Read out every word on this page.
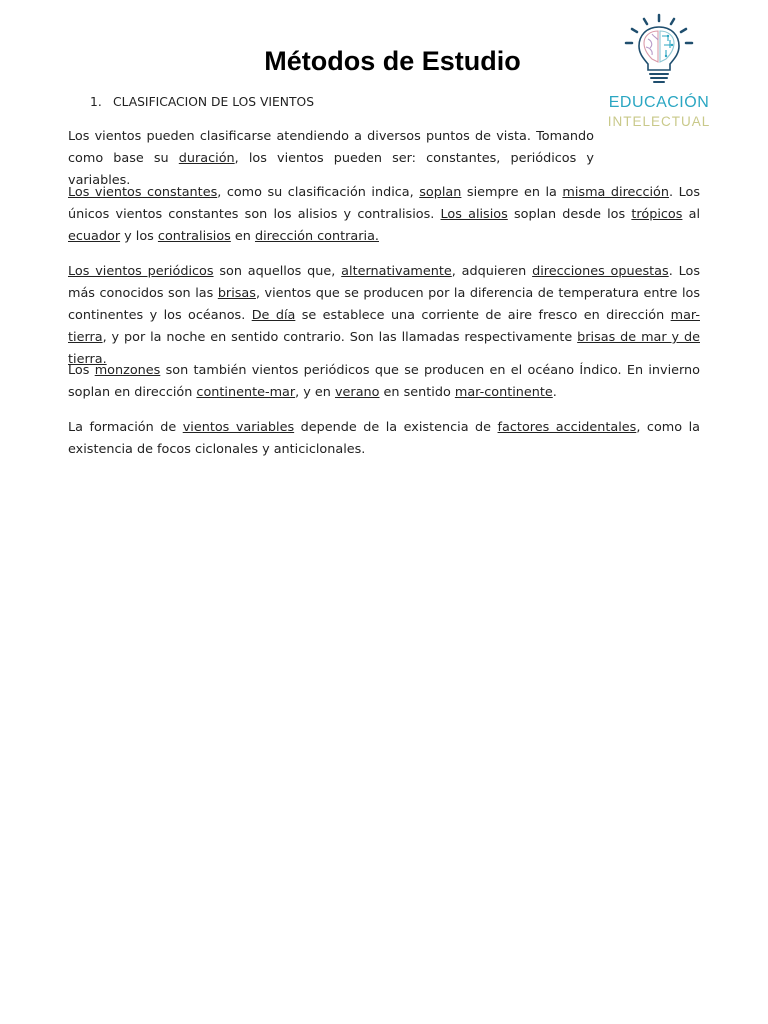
Métodos de Estudio
EDUCACIÓN
INTELECTUAL
1. CLASIFICACION DE LOS VIENTOS
Los vientos pueden clasificarse atendiendo a diversos puntos de vista. Tomando como base su duración, los vientos pueden ser: constantes, periódicos y variables.
Los vientos constantes, como su clasificación indica, soplan siempre en la misma dirección. Los únicos vientos constantes son los alisios y contralisios. Los alisios soplan desde los trópicos al ecuador y los contralisios en dirección contraria.
Los vientos periódicos son aquellos que, alternativamente, adquieren direcciones opuestas. Los más conocidos son las brisas, vientos que se producen por la diferencia de temperatura entre los continentes y los océanos. De día se establece una corriente de aire fresco en dirección mar-tierra, y por la noche en sentido contrario. Son las llamadas respectivamente brisas de mar y de tierra.
Los monzones son también vientos periódicos que se producen en el océano Índico. En invierno soplan en dirección continente-mar, y en verano en sentido mar-continente.
La formación de vientos variables depende de la existencia de factores accidentales, como la existencia de focos ciclonales y anticiclonales.
